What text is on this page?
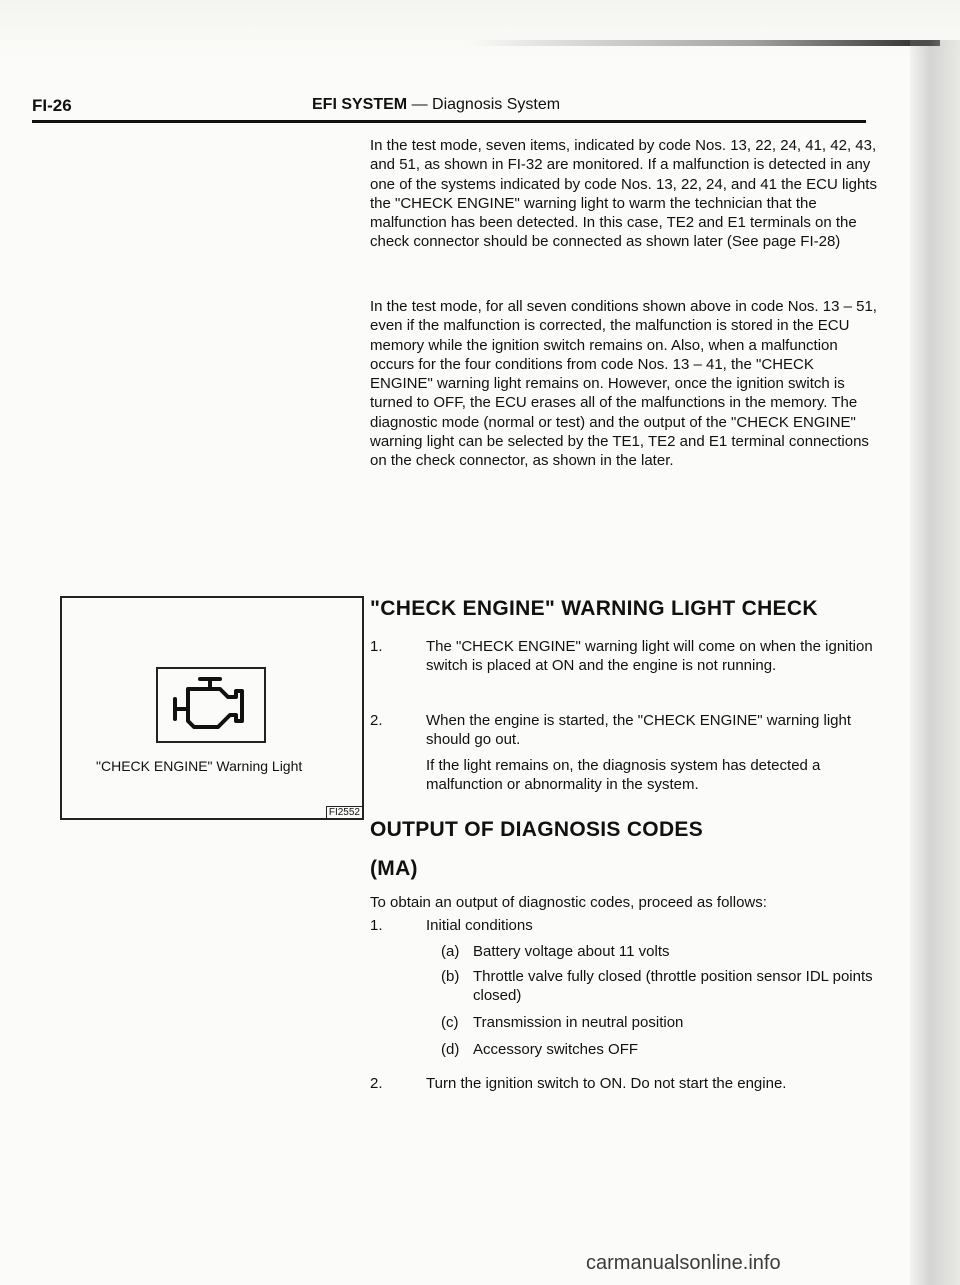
FI-26	EFI SYSTEM — Diagnosis System

In the test mode, seven items, indicated by code Nos. 13, 22, 24, 41, 42, 43, and 51, as shown in FI-32 are monitored. If a malfunction is detected in any one of the systems indicated by code Nos. 13, 22, 24, and 41 the ECU lights the "CHECK ENGINE" warning light to warm the technician that the malfunction has been detected. In this case, TE2 and E1 terminals on the check connector should be connected as shown later (See page FI-28)

In the test mode, for all seven conditions shown above in code Nos. 13 – 51, even if the malfunction is corrected, the malfunction is stored in the ECU memory while the ignition switch remains on. Also, when a malfunction occurs for the four conditions from code Nos. 13 – 41, the "CHECK ENGINE" warning light remains on. However, once the ignition switch is turned to OFF, the ECU erases all of the malfunctions in the memory. The diagnostic mode (normal or test) and the output of the "CHECK ENGINE" warning light can be selected by the TE1, TE2 and E1 terminal connections on the check connector, as shown in the later.

"CHECK ENGINE" Warning Light
FI2552
"CHECK ENGINE" WARNING LIGHT CHECK
1.	The "CHECK ENGINE" warning light will come on when the ignition switch is placed at ON and the engine is not running.
2.	When the engine is started, the "CHECK ENGINE" warning light should go out.
If the light remains on, the diagnosis system has detected a malfunction or abnormality in the system.
OUTPUT OF DIAGNOSIS CODES
(MA)
To obtain an output of diagnostic codes, proceed as follows:
1.	Initial conditions
(a) Battery voltage about 11 volts
(b) Throttle valve fully closed (throttle position sensor IDL points closed)
(c) Transmission in neutral position
(d) Accessory switches OFF
2.	Turn the ignition switch to ON. Do not start the engine.
carmanualsonline.info
